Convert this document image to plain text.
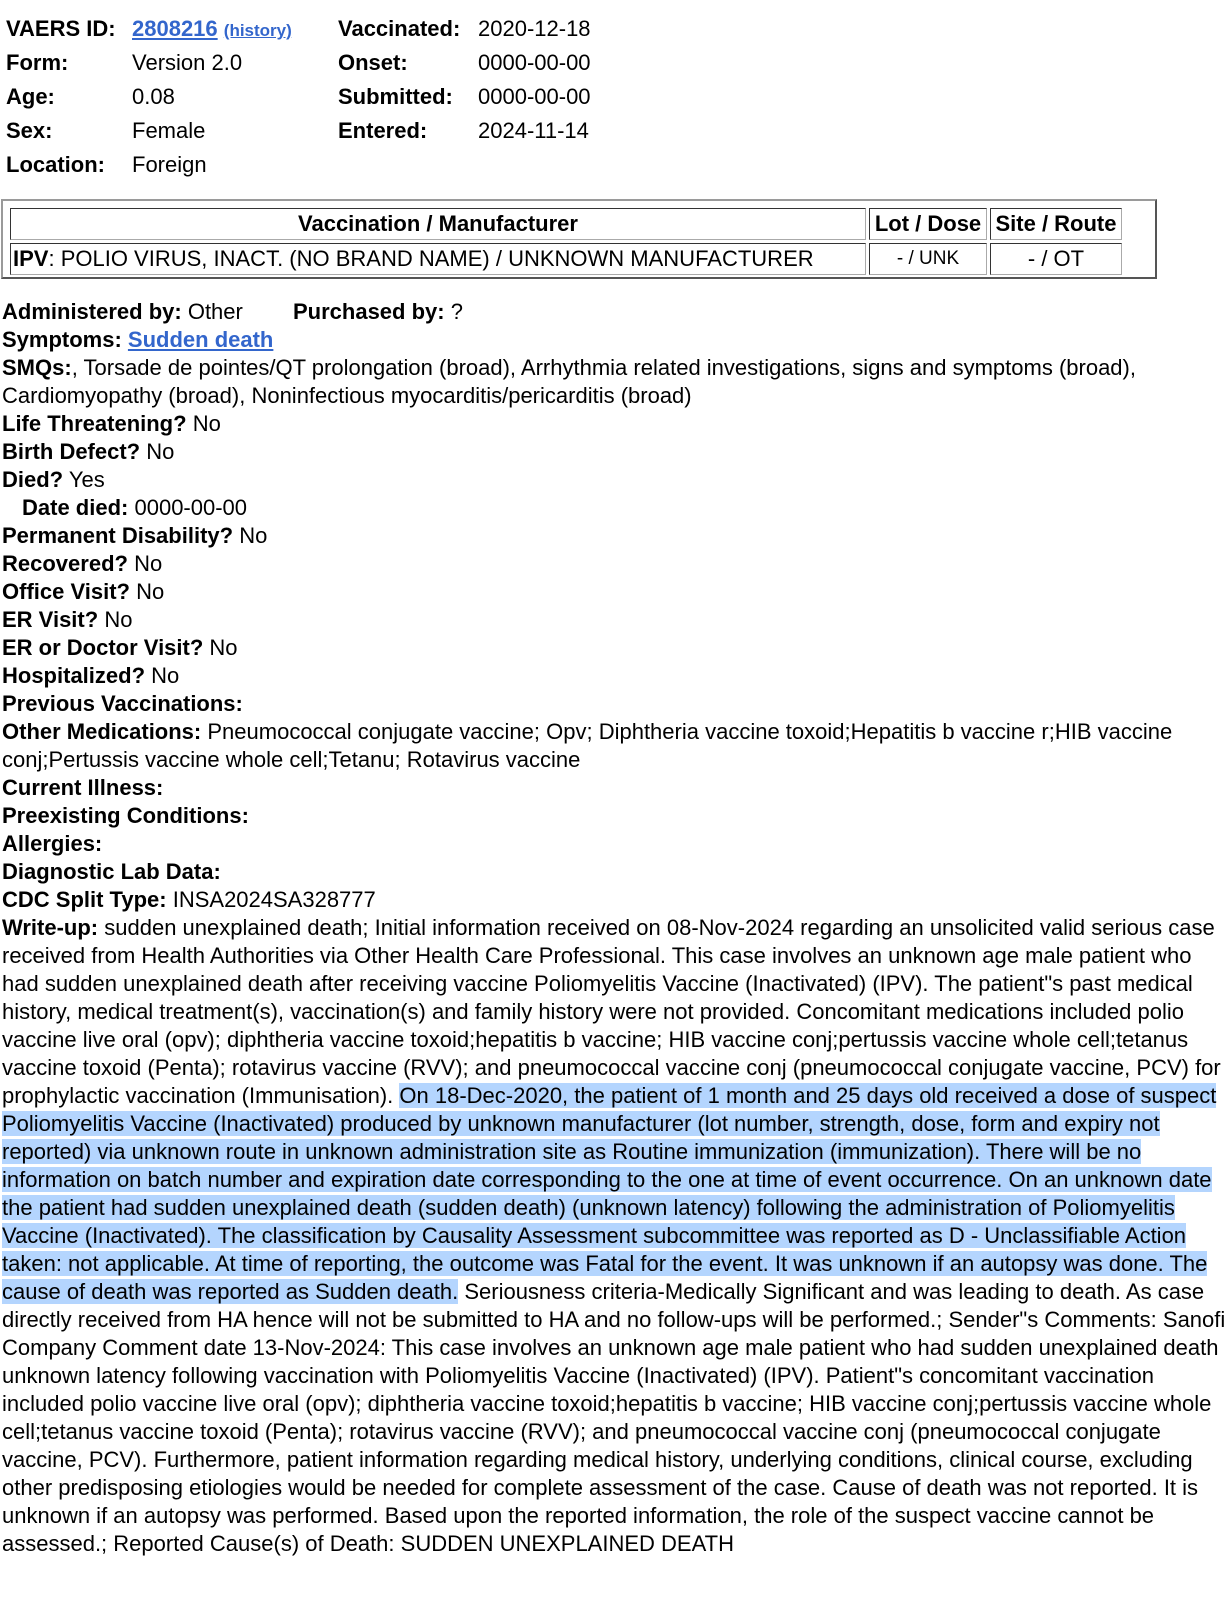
VAERS ID: 2808216 (history)	Vaccinated: 2020-12-18
Form:	Version 2.0	Onset:	0000-00-00
Age:	0.08	Submitted:	0000-00-00
Sex:	Female	Entered:	2024-11-14
Location:	Foreign
Vaccination / Manufacturer	Lot / Dose	Site / Route
IPV: POLIO VIRUS, INACT. (NO BRAND NAME) / UNKNOWN MANUFACTURER	- / UNK	- / OT

Administered by: Other Purchased by: ?

Symptoms: Sudden death

SMQs:, Torsade de pointes/QT prolongation (broad), Arrhythmia related investigations, signs and symptoms (broad), Cardiomyopathy (broad), Noninfectious myocarditis/pericarditis (broad)

Life Threatening? No

Birth Defect? No

Died? Yes

Date died: 0000-00-00

Permanent Disability? No

Recovered? No

Office Visit? No

ER Visit? No

ER or Doctor Visit? No

Hospitalized? No

Previous Vaccinations:

Other Medications: Pneumococcal conjugate vaccine; Opv; Diphtheria vaccine toxoid;Hepatitis b vaccine r;HIB vaccine conj;Pertussis vaccine whole cell;Tetanu; Rotavirus vaccine

Current Illness:

Preexisting Conditions:

Allergies:

Diagnostic Lab Data:

CDC Split Type: INSA2024SA328777

Write-up: sudden unexplained death; Initial information received on 08-Nov-2024 regarding an unsolicited valid serious case received from Health Authorities via Other Health Care Professional. This case involves an unknown age male patient who had sudden unexplained death after receiving vaccine Poliomyelitis Vaccine (Inactivated) (IPV). The patient"s past medical history, medical treatment(s), vaccination(s) and family history were not provided. Concomitant medications included polio vaccine live oral (opv); diphtheria vaccine toxoid;hepatitis b vaccine; HIB vaccine conj;pertussis vaccine whole cell;tetanus vaccine toxoid (Penta); rotavirus vaccine (RVV); and pneumococcal vaccine conj (pneumococcal conjugate vaccine, PCV) for prophylactic vaccination (Immunisation). On 18-Dec-2020, the patient of 1 month and 25 days old received a dose of suspect Poliomyelitis Vaccine (Inactivated) produced by unknown manufacturer (lot number, strength, dose, form and expiry not reported) via unknown route in unknown administration site as Routine immunization (immunization). There will be no information on batch number and expiration date corresponding to the one at time of event occurrence. On an unknown date the patient had sudden unexplained death (sudden death) (unknown latency) following the administration of Poliomyelitis Vaccine (Inactivated). The classification by Causality Assessment subcommittee was reported as D - Unclassifiable Action taken: not applicable. At time of reporting, the outcome was Fatal for the event. It was unknown if an autopsy was done. The cause of death was reported as Sudden death. Seriousness criteria-Medically Significant and was leading to death. As case directly received from HA hence will not be submitted to HA and no follow-ups will be performed.; Sender"s Comments: Sanofi Company Comment date 13-Nov-2024: This case involves an unknown age male patient who had sudden unexplained death unknown latency following vaccination with Poliomyelitis Vaccine (Inactivated) (IPV). Patient"s concomitant vaccination included polio vaccine live oral (opv); diphtheria vaccine toxoid;hepatitis b vaccine; HIB vaccine conj;pertussis vaccine whole cell;tetanus vaccine toxoid (Penta); rotavirus vaccine (RVV); and pneumococcal vaccine conj (pneumococcal conjugate vaccine, PCV). Furthermore, patient information regarding medical history, underlying conditions, clinical course, excluding other predisposing etiologies would be needed for complete assessment of the case. Cause of death was not reported. It is unknown if an autopsy was performed. Based upon the reported information, the role of the suspect vaccine cannot be assessed.; Reported Cause(s) of Death: SUDDEN UNEXPLAINED DEATH
